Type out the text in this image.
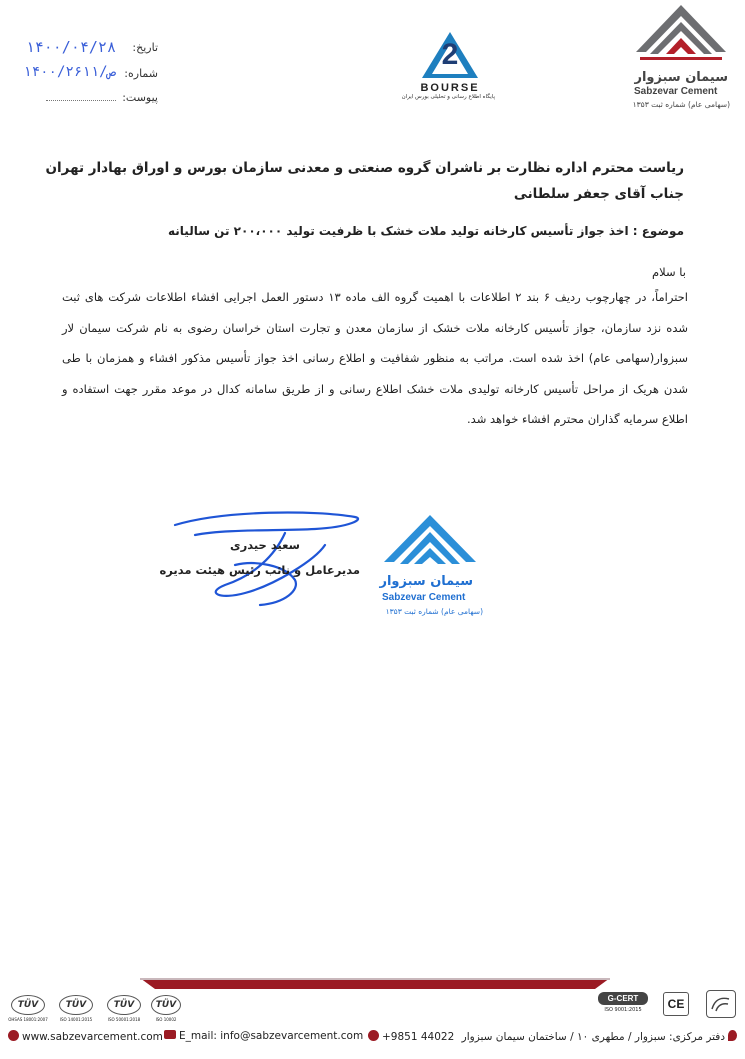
سیمان سبزوار
Sabzevar Cement
(سهامی عام) شماره ثبت ۱۳۵۳
2
BOURSE
پایگاه اطلاع رسانی و تحلیلی بورس ایران
تاریخ:
۱۴۰۰/۰۴/۲۸
شماره:
۱۴۰۰/ص/۲۶۱۱
پیوست:
ریاست محترم اداره نظارت بر ناشران گروه صنعتی و معدنی سازمان بورس و اوراق بهادار تهران
جناب آقای جعفر سلطانی
موضوع : اخذ جواز تأسیس کارخانه تولید ملات خشک با ظرفیت تولید ۲۰۰،۰۰۰ تن سالیانه
با سلام
احتراماً، در چهارچوب ردیف ۶ بند ۲ اطلاعات با اهمیت گروه الف ماده ۱۳ دستور العمل اجرایی افشاء اطلاعات شرکت های ثبت شده نزد سازمان، جواز تأسیس کارخانه ملات خشک از سازمان معدن و تجارت استان خراسان رضوی به نام شرکت سیمان لار سبزوار(سهامی عام) اخذ شده است. مراتب به منظور شفافیت و اطلاع رسانی اخذ جواز تأسیس مذکور افشاء و همزمان با طی شدن هریک از مراحل تأسیس کارخانه تولیدی ملات خشک اطلاع رسانی و از طریق سامانه کدال در موعد مقرر جهت استفاده و اطلاع سرمایه گذاران محترم افشاء خواهد شد.
سعید حیدری
مدیرعامل و نائب رئیس هیئت مدیره
سیمان سبزوار
Sabzevar Cement
(سهامی عام) شماره ثبت ۱۳۵۳
TÜV
OHSAS 18001:2007
TÜV
ISO 14001:2015
TÜV
ISO 50001:2018
TÜV
ISO 10002
G-CERT
ISO 9001:2015	CE
www.sabzevarcement.com	E_mail: info@sabzevarcement.com	+9851 44022 دفتر مرکزی: سبزوار / مطهری ۱۰ / ساختمان سیمان سبزوار
